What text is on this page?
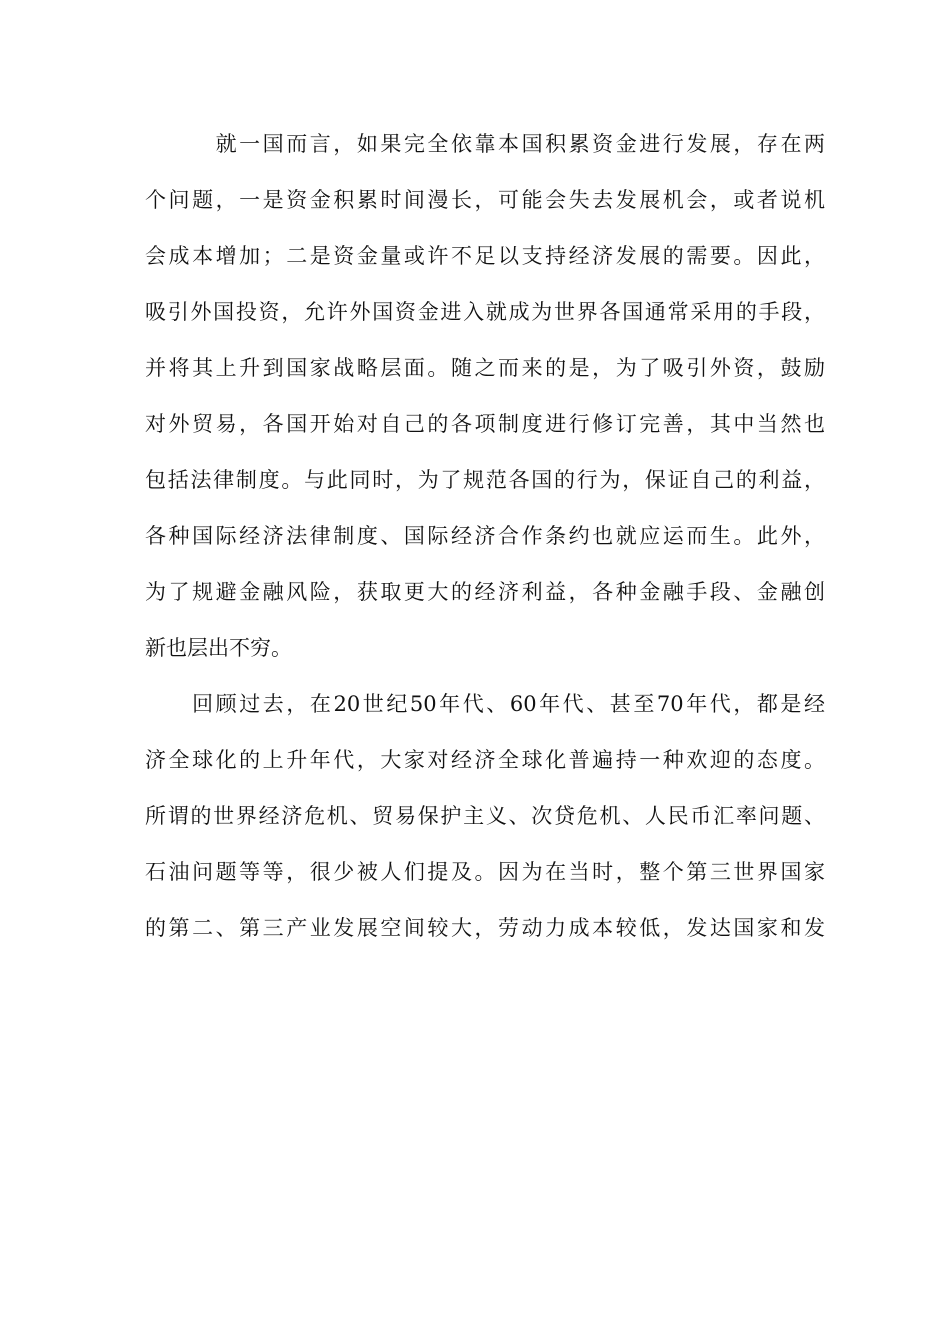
　　　就一国而言，如果完全依靠本国积累资金进行发展，存在两
个问题，一是资金积累时间漫长，可能会失去发展机会，或者说机
会成本增加；二是资金量或许不足以支持经济发展的需要。因此，
吸引外国投资，允许外国资金进入就成为世界各国通常采用的手段，
并将其上升到国家战略层面。随之而来的是，为了吸引外资，鼓励
对外贸易，各国开始对自己的各项制度进行修订完善，其中当然也
包括法律制度。与此同时，为了规范各国的行为，保证自己的利益，
各种国际经济法律制度、国际经济合作条约也就应运而生。此外，
为了规避金融风险，获取更大的经济利益，各种金融手段、金融创
新也层出不穷。
　　回顾过去，在20世纪50年代、60年代、甚至70年代，都是经
济全球化的上升年代，大家对经济全球化普遍持一种欢迎的态度。
所谓的世界经济危机、贸易保护主义、次贷危机、人民币汇率问题、
石油问题等等，很少被人们提及。因为在当时，整个第三世界国家
的第二、第三产业发展空间较大，劳动力成本较低，发达国家和发
